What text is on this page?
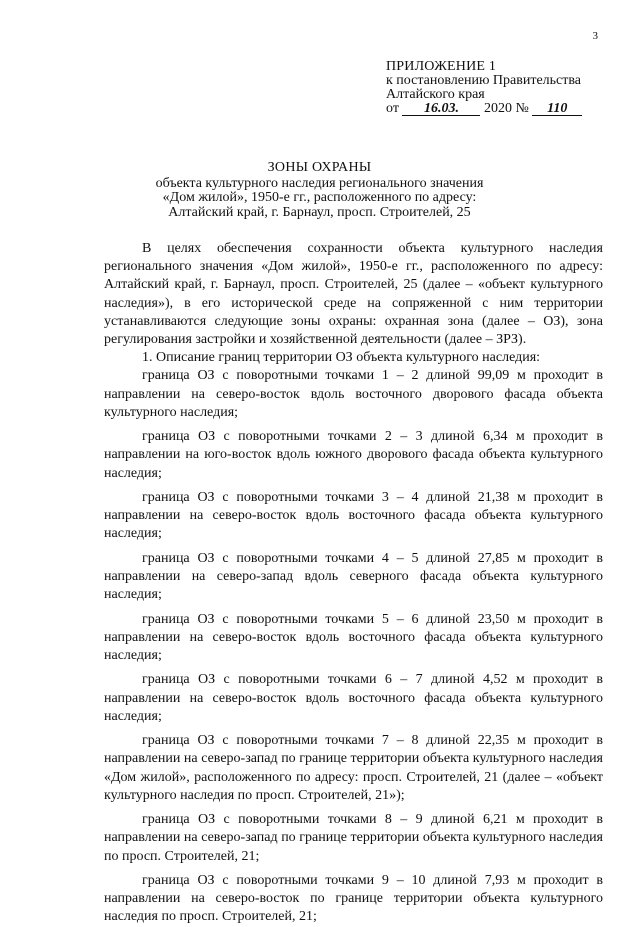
3
ПРИЛОЖЕНИЕ 1
к постановлению Правительства
Алтайского края
от 16.03. 2020 № 110
ЗОНЫ ОХРАНЫ
объекта культурного наследия регионального значения
«Дом жилой», 1950-е гг., расположенного по адресу:
Алтайский край, г. Барнаул, просп. Строителей, 25

В целях обеспечения сохранности объекта культурного наследия регионального значения «Дом жилой», 1950-е гг., расположенного по адресу: Алтайский край, г. Барнаул, просп. Строителей, 25 (далее – «объект культурного наследия»), в его исторической среде на сопряженной с ним территории устанавливаются следующие зоны охраны: охранная зона (далее – ОЗ), зона регулирования застройки и хозяйственной деятельности (далее – ЗРЗ).

1. Описание границ территории ОЗ объекта культурного наследия:

граница ОЗ с поворотными точками 1 – 2 длиной 99,09 м проходит в направлении на северо-восток вдоль восточного дворового фасада объекта культурного наследия;

граница ОЗ с поворотными точками 2 – 3 длиной 6,34 м проходит в направлении на юго-восток вдоль южного дворового фасада объекта культурного наследия;

граница ОЗ с поворотными точками 3 – 4 длиной 21,38 м проходит в направлении на северо-восток вдоль восточного фасада объекта культурного наследия;

граница ОЗ с поворотными точками 4 – 5 длиной 27,85 м проходит в направлении на северо-запад вдоль северного фасада объекта культурного наследия;

граница ОЗ с поворотными точками 5 – 6 длиной 23,50 м проходит в направлении на северо-восток вдоль восточного фасада объекта культурного наследия;

граница ОЗ с поворотными точками 6 – 7 длиной 4,52 м проходит в направлении на северо-восток вдоль восточного фасада объекта культурного наследия;

граница ОЗ с поворотными точками 7 – 8 длиной 22,35 м проходит в направлении на северо-запад по границе территории объекта культурного наследия «Дом жилой», расположенного по адресу: просп. Строителей, 21 (далее – «объект культурного наследия по просп. Строителей, 21»);

граница ОЗ с поворотными точками 8 – 9 длиной 6,21 м проходит в направлении на северо-запад по границе территории объекта культурного наследия по просп. Строителей, 21;

граница ОЗ с поворотными точками 9 – 10 длиной 7,93 м проходит в направлении на северо-восток по границе территории объекта культурного наследия по просп. Строителей, 21;
